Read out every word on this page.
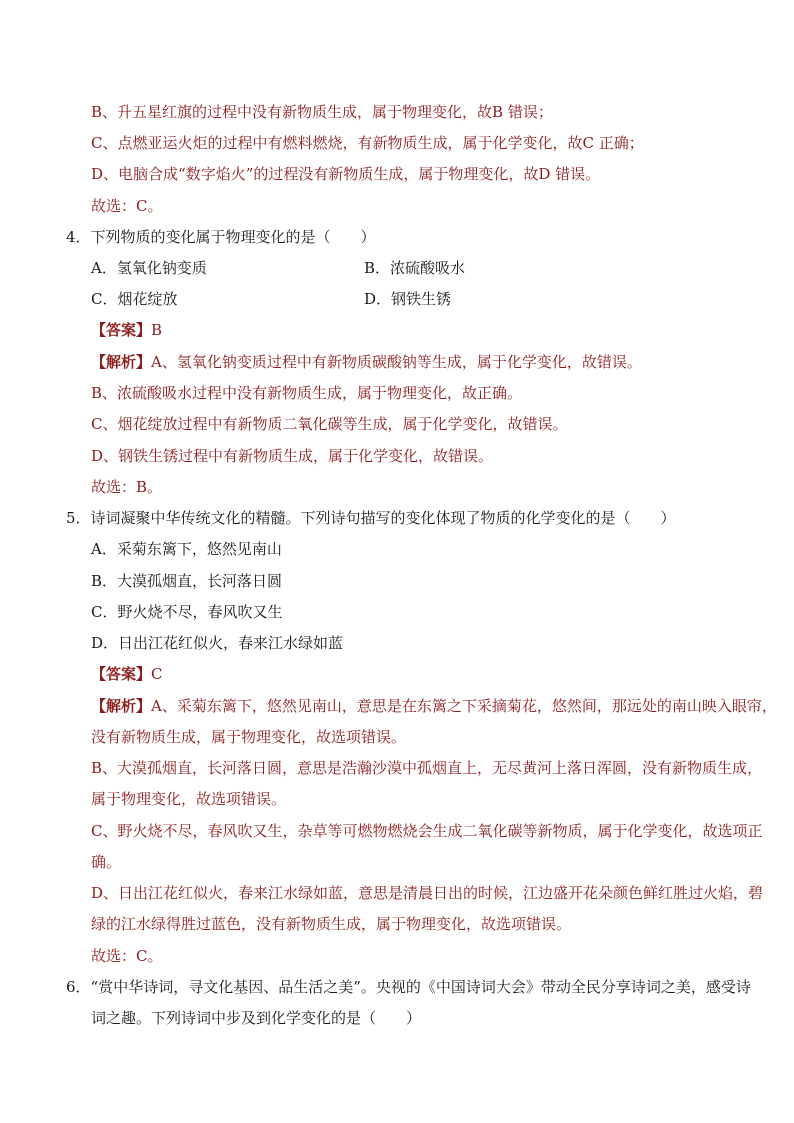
B、升五星红旗的过程中没有新物质生成，属于物理变化，故B 错误；
C、点燃亚运火炬的过程中有燃料燃烧，有新物质生成，属于化学变化，故C 正确；
D、电脑合成“数字焰火”的过程没有新物质生成，属于物理变化，故D 错误。
故选：C。
4．下列物质的变化属于物理变化的是（　　）
A．氢氧化钠变质	B．浓硫酸吸水
C．烟花绽放	D．钢铁生锈
【答案】B
【解析】A、氢氧化钠变质过程中有新物质碳酸钠等生成，属于化学变化，故错误。
B、浓硫酸吸水过程中没有新物质生成，属于物理变化，故正确。
C、烟花绽放过程中有新物质二氧化碳等生成，属于化学变化，故错误。
D、钢铁生锈过程中有新物质生成，属于化学变化，故错误。
故选：B。
5．诗词凝聚中华传统文化的精髓。下列诗句描写的变化体现了物质的化学变化的是（　　）
A．采菊东篱下，悠然见南山
B．大漠孤烟直，长河落日圆
C．野火烧不尽，春风吹又生
D．日出江花红似火，春来江水绿如蓝
【答案】C
【解析】A、采菊东篱下，悠然见南山，意思是在东篱之下采摘菊花，悠然间，那远处的南山映入眼帘，
没有新物质生成，属于物理变化，故选项错误。
B、大漠孤烟直，长河落日圆，意思是浩瀚沙漠中孤烟直上，无尽黄河上落日浑圆，没有新物质生成，
属于物理变化，故选项错误。
C、野火烧不尽，春风吹又生，杂草等可燃物燃烧会生成二氧化碳等新物质，属于化学变化，故选项正
确。
D、日出江花红似火，春来江水绿如蓝，意思是清晨日出的时候，江边盛开花朵颜色鲜红胜过火焰，碧
绿的江水绿得胜过蓝色，没有新物质生成，属于物理变化，故选项错误。
故选：C。
6．“赏中华诗词，寻文化基因、品生活之美”。央视的《中国诗词大会》带动全民分享诗词之美，感受诗
词之趣。下列诗词中步及到化学变化的是（　　）
